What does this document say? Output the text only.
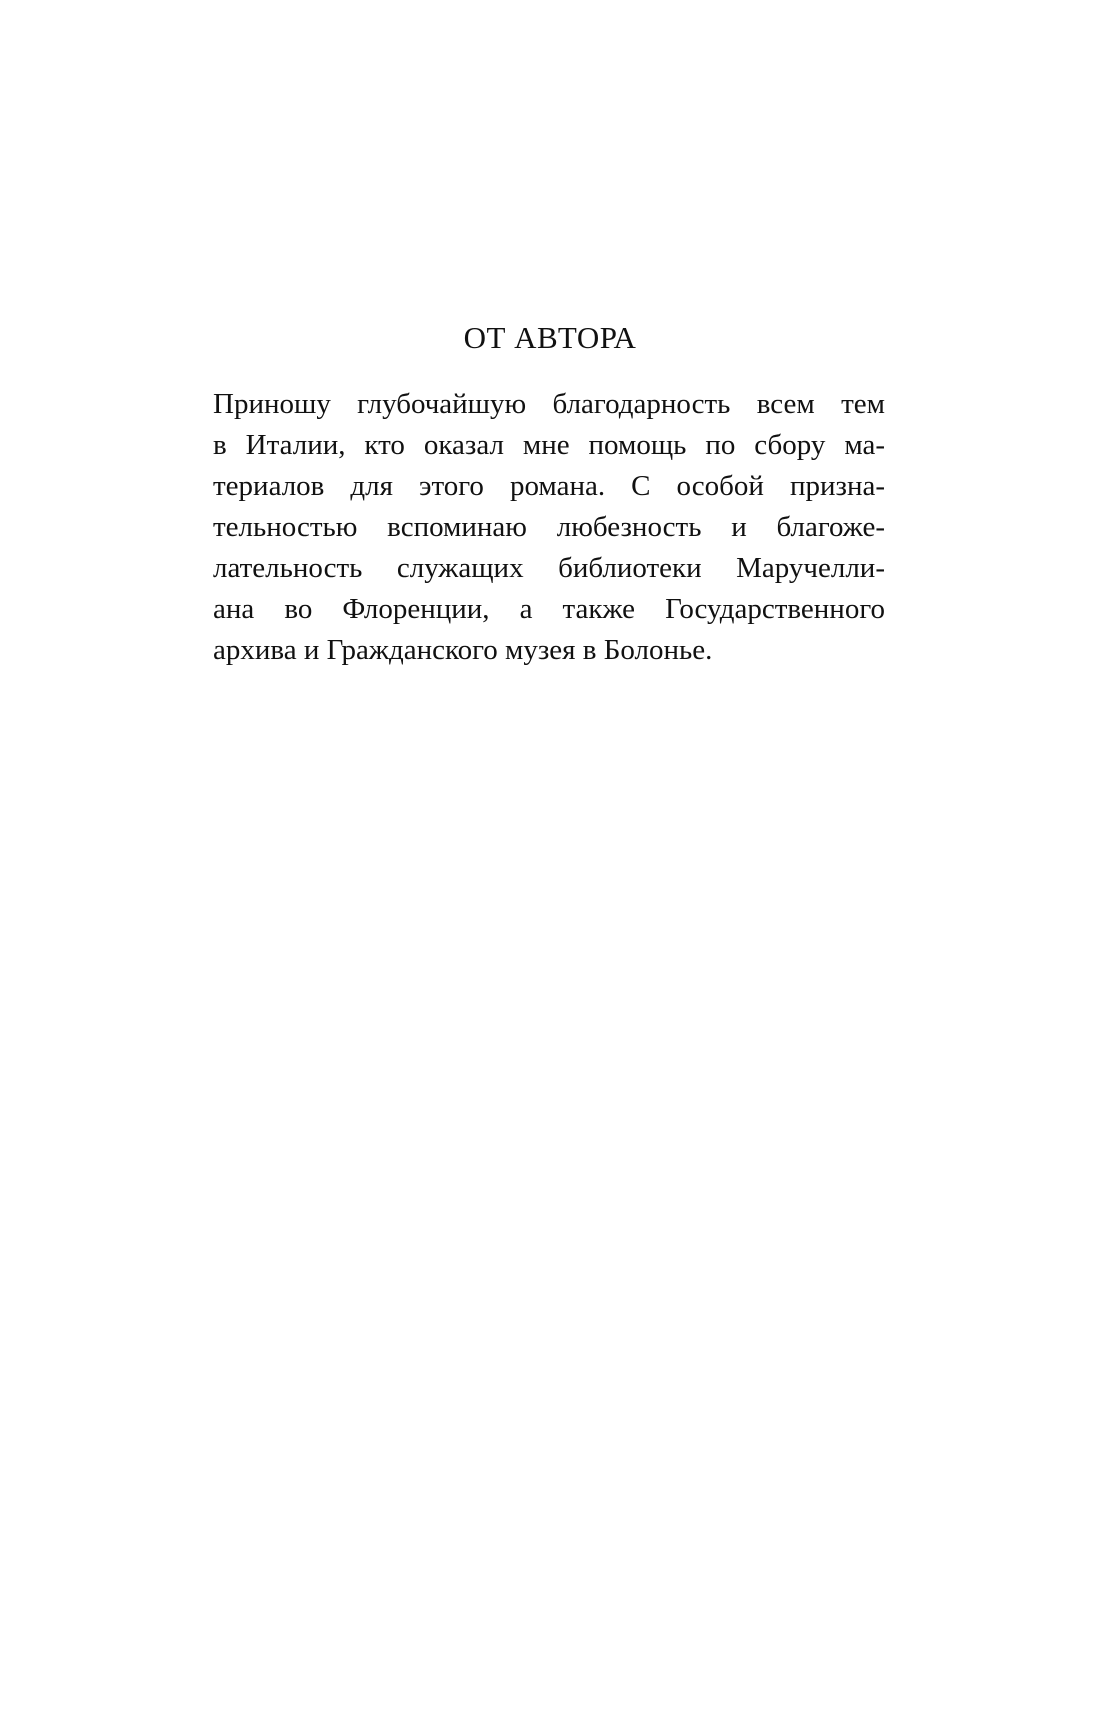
ОТ АВТОРА
Приношу глубочайшую благодарность всем тем
в Италии, кто оказал мне помощь по сбору ма-
териалов для этого романа. С особой призна-
тельностью вспоминаю любезность и благоже-
лательность служащих библиотеки Маручелли-
ана во Флоренции, а также Государственного
архива и Гражданского музея в Болонье.
